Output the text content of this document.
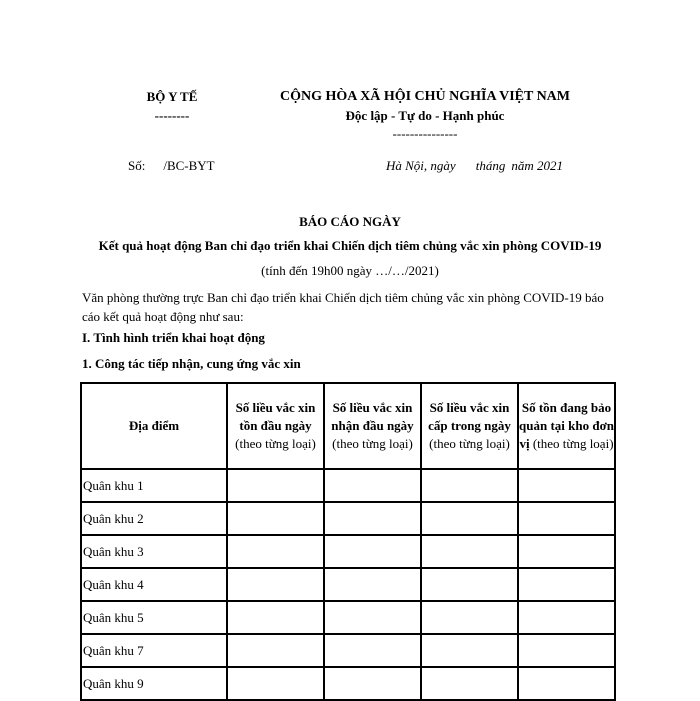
BỘ Y TẾ
--------
CỘNG HÒA XÃ HỘI CHỦ NGHĨA VIỆT NAM
Độc lập - Tự do - Hạnh phúc
---------------
Số: /BC-BYT	Hà Nội, ngày tháng năm 2021
BÁO CÁO NGÀY
Kết quả hoạt động Ban chỉ đạo triển khai Chiến dịch tiêm chủng vắc xin phòng COVID-19
(tính đến 19h00 ngày …/…/2021)
Văn phòng thường trực Ban chỉ đạo triển khai Chiến dịch tiêm chủng vắc xin phòng COVID-19 báo cáo kết quả hoạt động như sau:
I. Tình hình triển khai hoạt động
1. Công tác tiếp nhận, cung ứng vắc xin
Địa điểm	Số liều vắc xin tồn đầu ngày (theo từng loại)	Số liều vắc xin nhận đầu ngày (theo từng loại)	Số liều vắc xin cấp trong ngày (theo từng loại)	Số tồn đang bảo quản tại kho đơn vị (theo từng loại)
Quân khu 1				
Quân khu 2				
Quân khu 3				
Quân khu 4				
Quân khu 5				
Quân khu 7				
Quân khu 9				
